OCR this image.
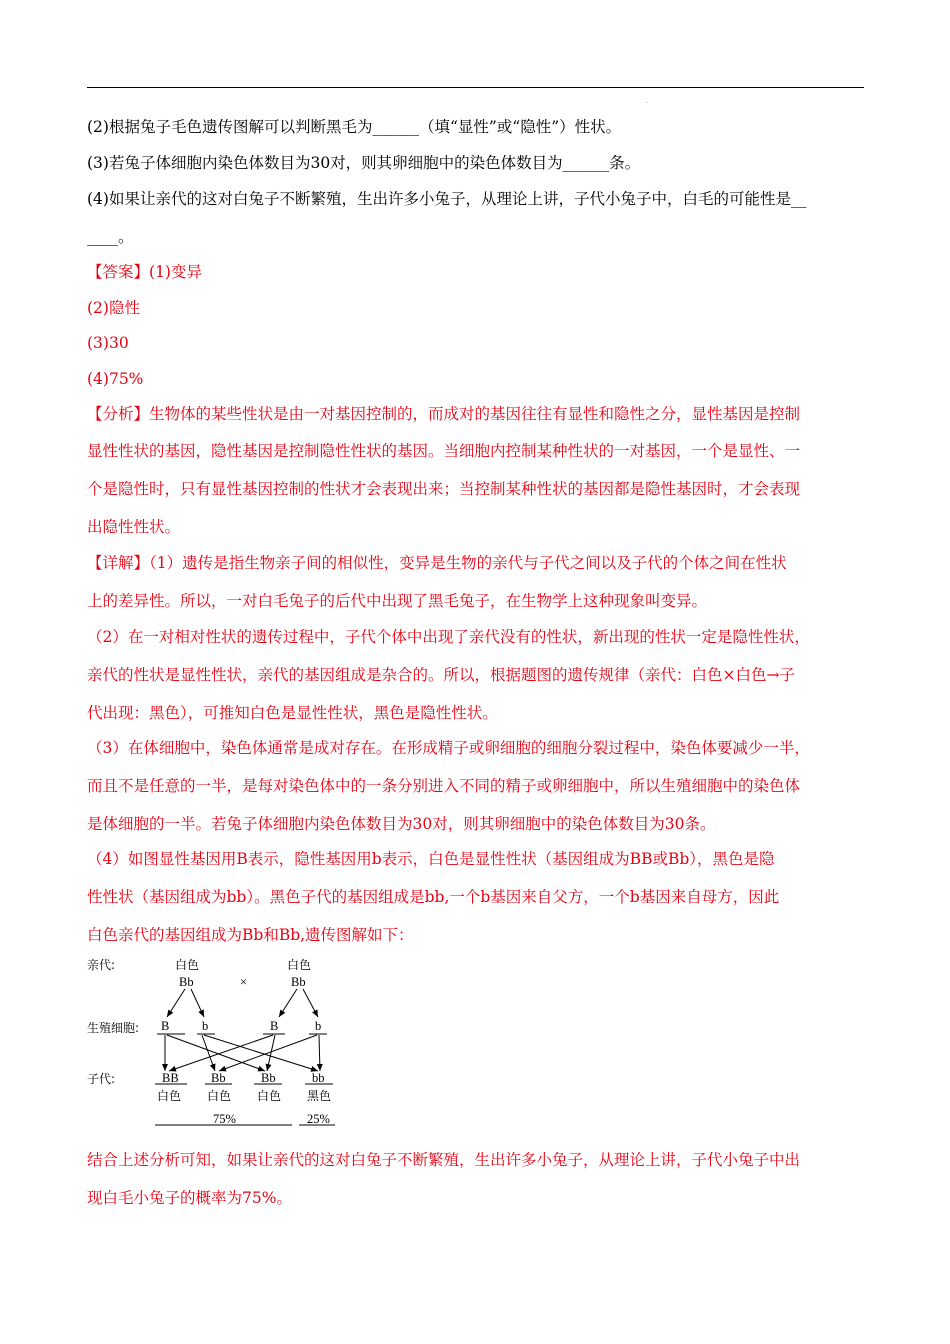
.
(2)根据兔子毛色遗传图解可以判断黑毛为______（填“显性”或“隐性”）性状。
(3)若兔子体细胞内染色体数目为30对，则其卵细胞中的染色体数目为______条。
(4)如果让亲代的这对白兔子不断繁殖，生出许多小兔子，从理论上讲，子代小兔子中，白毛的可能性是__
____。
【答案】(1)变异
(2)隐性
(3)30
(4)75%
【分析】生物体的某些性状是由一对基因控制的，而成对的基因往往有显性和隐性之分，显性基因是控制
显性性状的基因，隐性基因是控制隐性性状的基因。当细胞内控制某种性状的一对基因，一个是显性、一
个是隐性时，只有显性基因控制的性状才会表现出来；当控制某种性状的基因都是隐性基因时，才会表现
出隐性性状。
【详解】（1）遗传是指生物亲子间的相似性，变异是生物的亲代与子代之间以及子代的个体之间在性状
上的差异性。所以，一对白毛兔子的后代中出现了黑毛兔子，在生物学上这种现象叫变异。
（2）在一对相对性状的遗传过程中，子代个体中出现了亲代没有的性状，新出现的性状一定是隐性性状，
亲代的性状是显性性状，亲代的基因组成是杂合的。所以，根据题图的遗传规律（亲代：白色×白色→子
代出现：黑色），可推知白色是显性性状，黑色是隐性性状。
（3）在体细胞中，染色体通常是成对存在。在形成精子或卵细胞的细胞分裂过程中，染色体要减少一半，
而且不是任意的一半，是每对染色体中的一条分别进入不同的精子或卵细胞中，所以生殖细胞中的染色体
是体细胞的一半。若兔子体细胞内染色体数目为30对，则其卵细胞中的染色体数目为30条。
（4）如图显性基因用B表示，隐性基因用b表示，白色是显性性状（基因组成为BB或Bb），黑色是隐
性性状（基因组成为bb）。黑色子代的基因组成是bb,一个b基因来自父方，一个b基因来自母方，因此
白色亲代的基因组成为Bb和Bb,遗传图解如下：
亲代:
生殖细胞:
子代:
白色
Bb	×
白色
Bb
B	b	B	b
BB	Bb	Bb	bb
白色 白色 白色 黑色
75%	25%
结合上述分析可知，如果让亲代的这对白兔子不断繁殖，生出许多小兔子，从理论上讲，子代小兔子中出
现白毛小兔子的概率为75%。
